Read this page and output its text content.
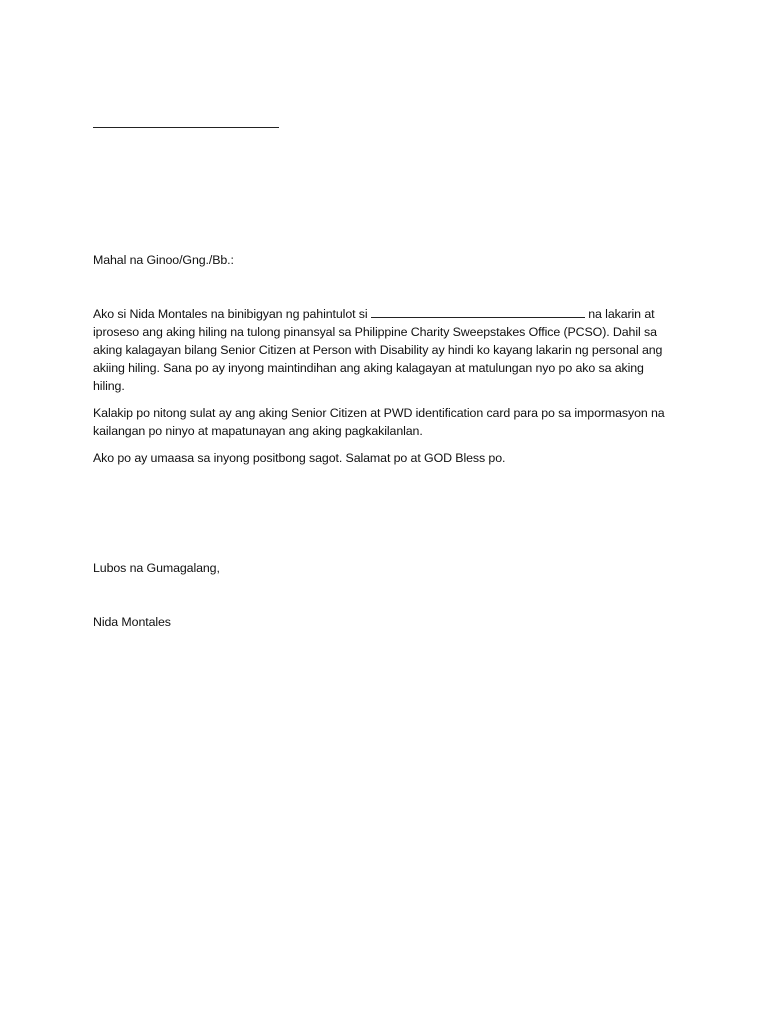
Mahal na Ginoo/Gng./Bb.:

Ako si Nida Montales na binibigyan ng pahintulot si	na lakarin at iproseso ang aking hiling na tulong pinansyal sa Philippine Charity Sweepstakes Office (PCSO). Dahil sa aking kalagayan bilang Senior Citizen at Person with Disability ay hindi ko kayang lakarin ng personal ang akiing hiling. Sana po ay inyong maintindihan ang aking kalagayan at matulungan nyo po ako sa aking hiling.

Kalakip po nitong sulat ay ang aking Senior Citizen at PWD identification card para po sa impormasyon na kailangan po ninyo at mapatunayan ang aking pagkakilanlan.

Ako po ay umaasa sa inyong positbong sagot. Salamat po at GOD Bless po.

Lubos na Gumagalang,

Nida Montales
